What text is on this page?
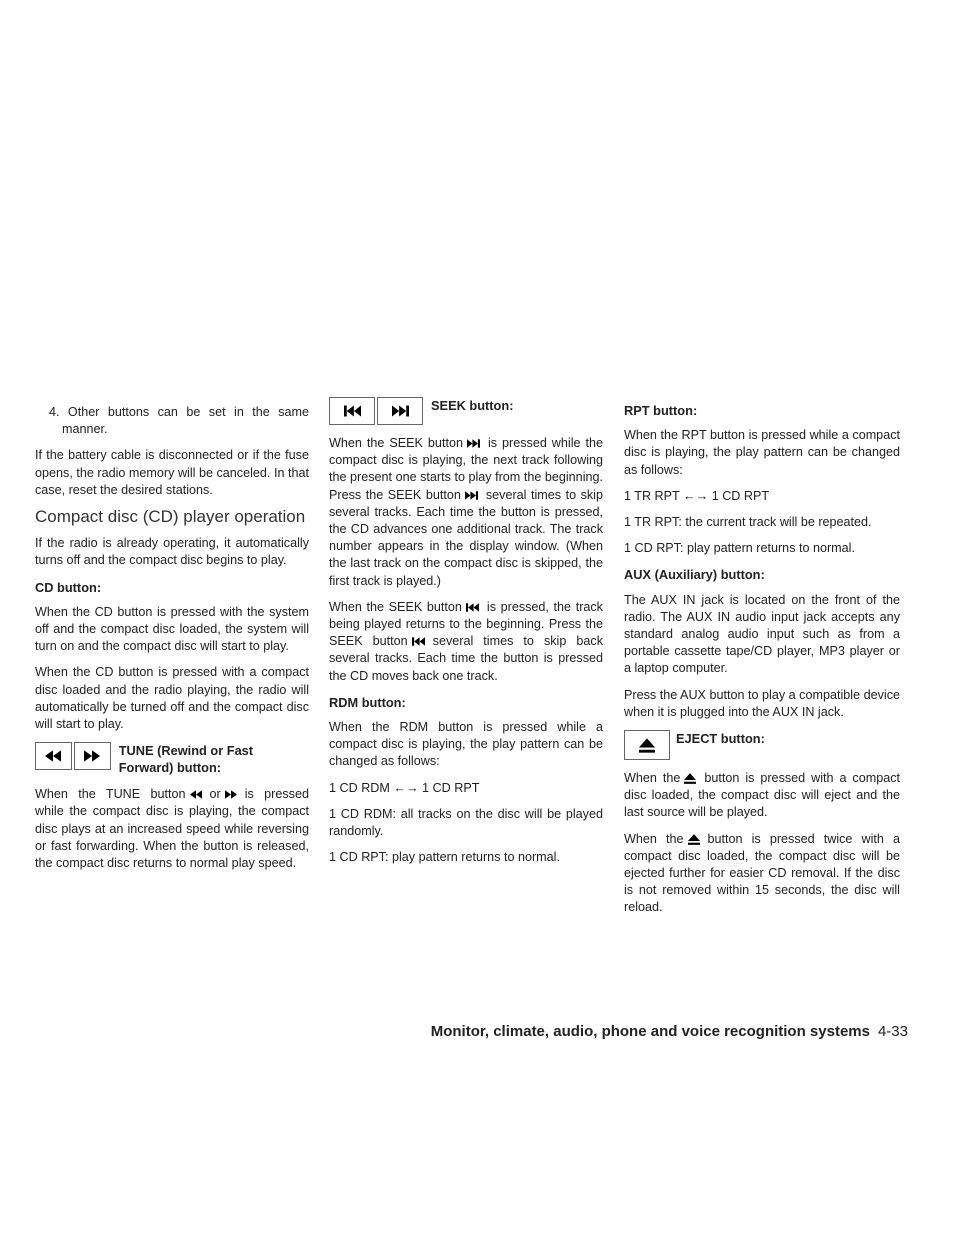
4. Other buttons can be set in the same manner.

If the battery cable is disconnected or if the fuse opens, the radio memory will be canceled. In that case, reset the desired stations.

Compact disc (CD) player operation

If the radio is already operating, it automatically turns off and the compact disc begins to play.

CD button:

When the CD button is pressed with the system off and the compact disc loaded, the system will turn on and the compact disc will start to play.

When the CD button is pressed with a compact disc loaded and the radio playing, the radio will automatically be turned off and the compact disc will start to play.

TUNE (Rewind or Fast Forward) button:

When the TUNE button or is pressed while the compact disc is playing, the compact disc plays at an increased speed while reversing or fast forwarding. When the button is released, the compact disc returns to normal play speed.

SEEK button:

When the SEEK button is pressed while the compact disc is playing, the next track following the present one starts to play from the beginning. Press the SEEK button several times to skip several tracks. Each time the button is pressed, the CD advances one additional track. The track number appears in the display window. (When the last track on the compact disc is skipped, the first track is played.)

When the SEEK button is pressed, the track being played returns to the beginning. Press the SEEK button several times to skip back several tracks. Each time the button is pressed the CD moves back one track.

RDM button:

When the RDM button is pressed while a compact disc is playing, the play pattern can be changed as follows:

1 CD RDM ←→ 1 CD RPT

1 CD RDM: all tracks on the disc will be played randomly.

1 CD RPT: play pattern returns to normal.

RPT button:

When the RPT button is pressed while a compact disc is playing, the play pattern can be changed as follows:

1 TR RPT ←→ 1 CD RPT

1 TR RPT: the current track will be repeated.

1 CD RPT: play pattern returns to normal.

AUX (Auxiliary) button:

The AUX IN jack is located on the front of the radio. The AUX IN audio input jack accepts any standard analog audio input such as from a portable cassette tape/CD player, MP3 player or a laptop computer.

Press the AUX button to play a compatible device when it is plugged into the AUX IN jack.

EJECT button:

When the button is pressed with a compact disc loaded, the compact disc will eject and the last source will be played.

When the button is pressed twice with a compact disc loaded, the compact disc will be ejected further for easier CD removal. If the disc is not removed within 15 seconds, the disc will reload.

Monitor, climate, audio, phone and voice recognition systems 4-33
